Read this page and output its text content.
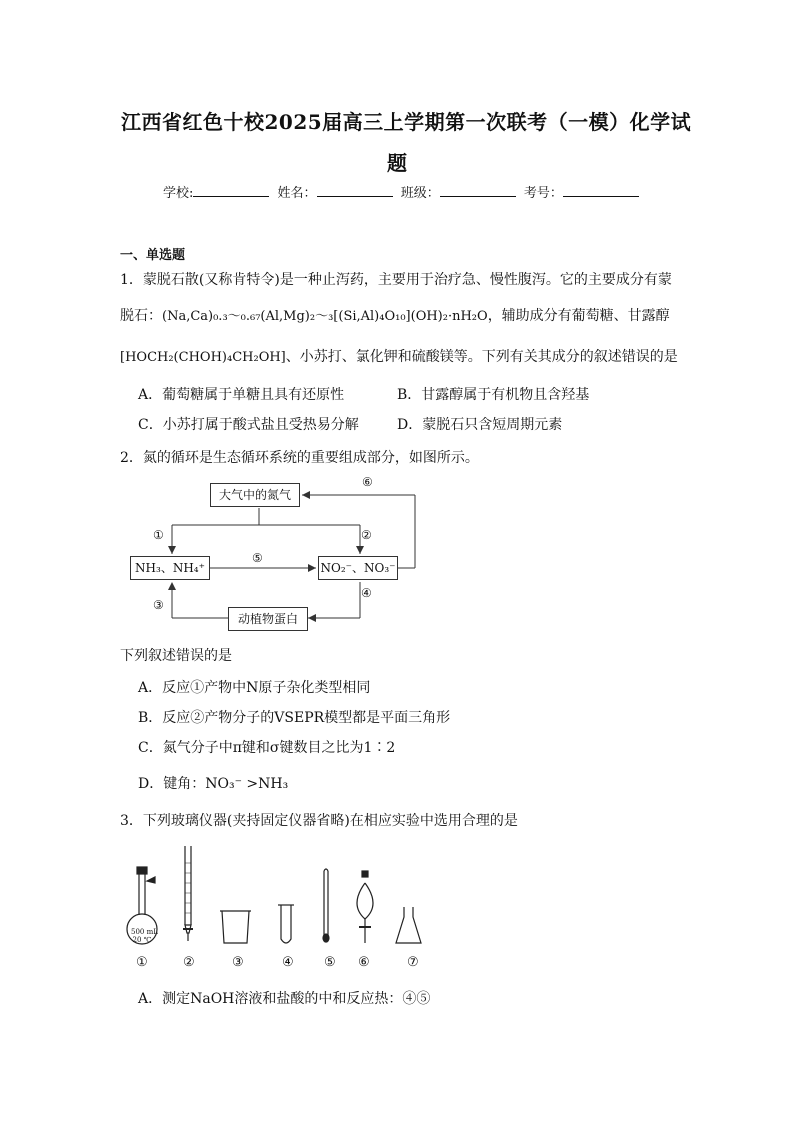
江西省红色十校2025届高三上学期第一次联考（一模）化学试
题
学校:	姓名：	班级：	考号：
一、单选题
1．蒙脱石散(又称肯特令)是一种止泻药，主要用于治疗急、慢性腹泻。它的主要成分有蒙
脱石：(Na,Ca)₀.₃～₀.₆₇(Al,Mg)₂～₃[(Si,Al)₄O₁₀](OH)₂·nH₂O，辅助成分有葡萄糖、甘露醇
[HOCH₂(CHOH)₄CH₂OH]、小苏打、氯化钾和硫酸镁等。下列有关其成分的叙述错误的是
A．葡萄糖属于单糖且具有还原性	B．甘露醇属于有机物且含羟基
C．小苏打属于酸式盐且受热易分解	D．蒙脱石只含短周期元素
2．氮的循环是生态循环系统的重要组成部分，如图所示。
大气中的氮气
NH₃、NH₄⁺	NO₂⁻、NO₃⁻
动植物蛋白
①	②
③
④
⑤
⑥
下列叙述错误的是
A．反应①产物中N原子杂化类型相同
B．反应②产物分子的VSEPR模型都是平面三角形
C．氮气分子中π键和σ键数目之比为1∶2
D．键角：NO₃⁻ >NH₃
3．下列玻璃仪器(夹持固定仪器省略)在相应实验中选用合理的是
500 mL
20 ℃
①	②	③	④ ⑤ ⑥	⑦
A．测定NaOH溶液和盐酸的中和反应热：④⑤
